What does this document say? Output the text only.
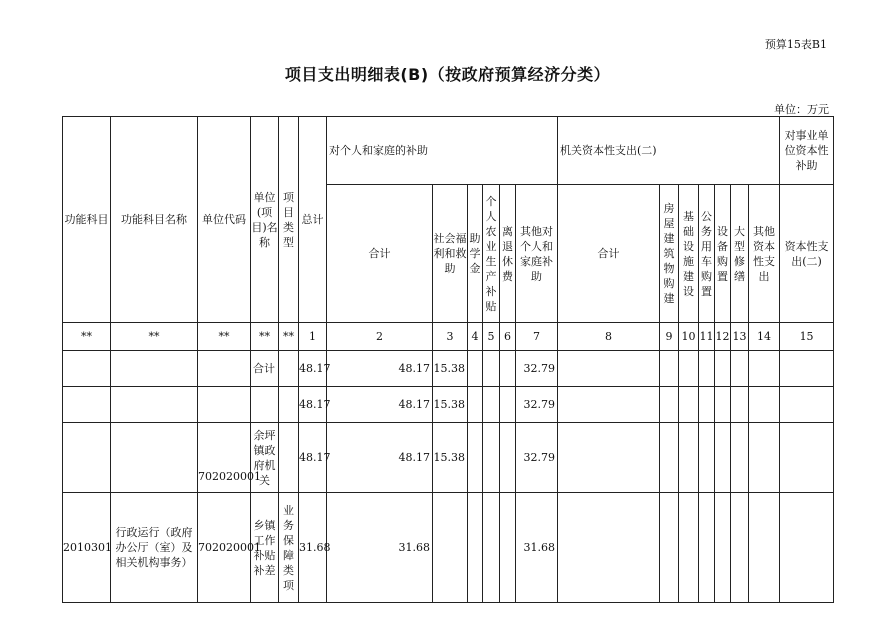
预算15表B1
项目支出明细表(B)（按政府预算经济分类）
单位：万元
功能科目	功能科目名称	单位代码	单位(项目)名称	项目类型	总计	对个人和家庭的补助						机关资本性支出(二)							对事业单位资本性补助
						合计	社会福利和救助	助学金	个人农业生产补贴	离退休费	其他对个人和家庭补助	合计	房屋建筑物购建	基础设施建设	公务用车购置	设备购置	大型修缮	其他资本性支出	资本性支出(二)
**	**	**	**	**	1	2	3	4	5	6	7	8	9	10	11	12	13	14	15
			合计		48.17	48.17	15.38				32.79								
					48.17	48.17	15.38				32.79								
		702020001	余坪镇政府机关		48.17	48.17	15.38				32.79								
2010301	行政运行（政府办公厅（室）及相关机构事务）	702020001	乡镇工作补贴补差	业务保障类项	31.68	31.68					31.68								
